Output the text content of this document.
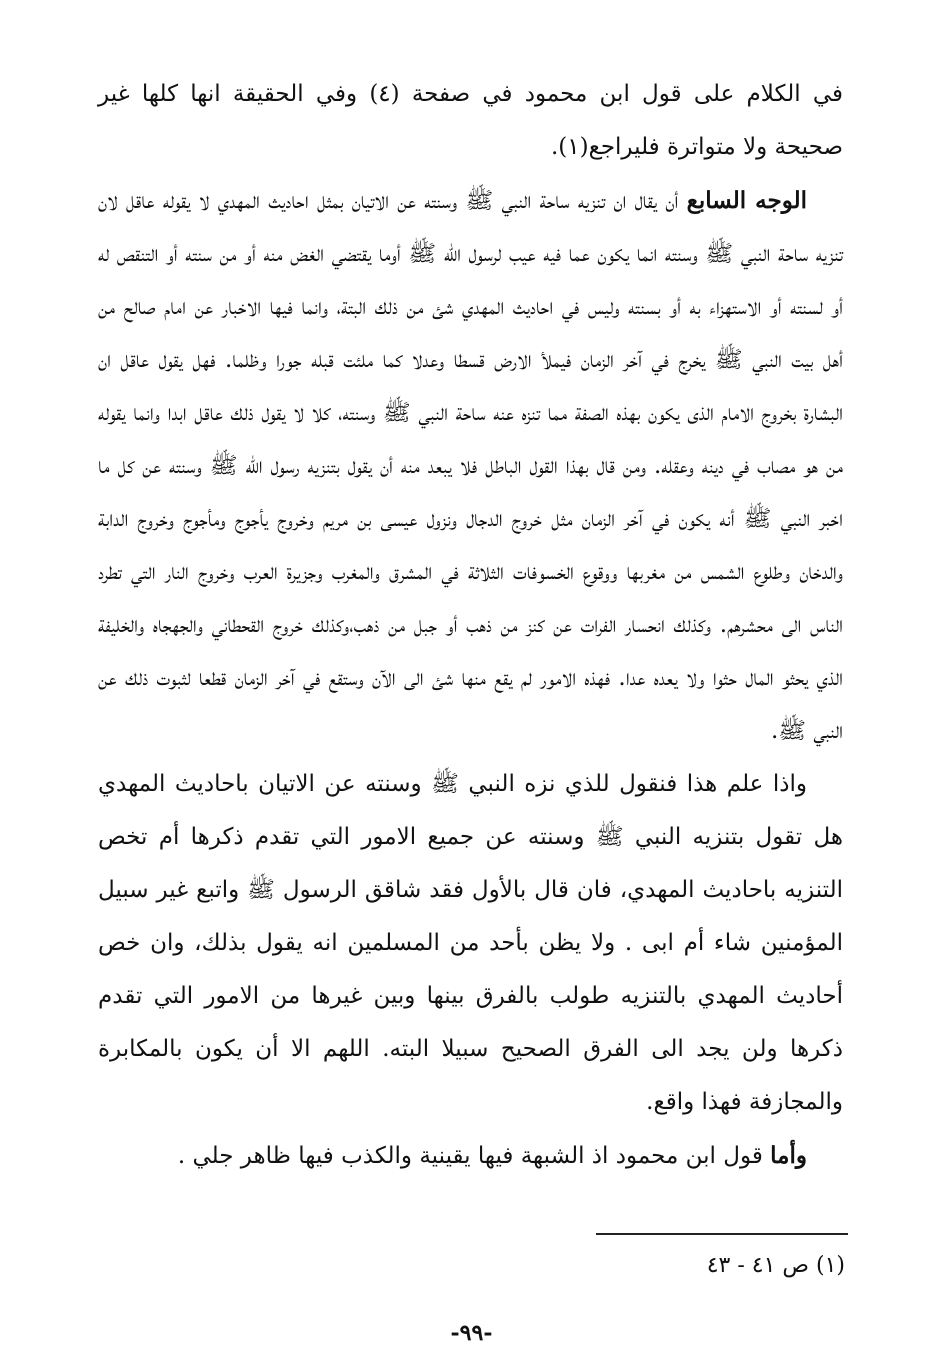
في الكلام على قول ابن محمود في صفحة (٤) وفي الحقيقة انها كلها غير صحيحة ولا متواترة فليراجع(١).

الوجه السابع أن يقال ان تنزيه ساحة النبي ﷺ وسنته عن الاتيان بمثل احاديث المهدي لا يقوله عاقل لان تنزيه ساحة النبي ﷺ وسنته انما يكون عما فيه عيب لرسول الله ﷺ أوما يقتضي الغض منه أو من سنته أو التنقص له أو لسنته أو الاستهزاء به أو بسنته وليس في احاديث المهدي شئ من ذلك البتة، وانما فيها الاخبار عن امام صالح من أهل بيت النبي ﷺ يخرج في آخر الزمان فيملأ الارض قسطا وعدلا كما ملئت قبله جورا وظلما. فهل يقول عاقل ان البشارة بخروج الامام الذى يكون بهذه الصفة مما تنزه عنه ساحة النبي ﷺ وسنته، كلا لا يقول ذلك عاقل ابدا وانما يقوله من هو مصاب في دينه وعقله. ومن قال بهذا القول الباطل فلا يبعد منه أن يقول بتنزيه رسول الله ﷺ وسنته عن كل ما اخبر النبي ﷺ أنه يكون في آخر الزمان مثل خروج الدجال ونزول عيسى بن مريم وخروج يأجوج ومأجوج وخروج الدابة والدخان وطلوع الشمس من مغربها ووقوع الخسوفات الثلاثة في المشرق والمغرب وجزيرة العرب وخروج النار التي تطرد الناس الى محشرهم. وكذلك انحسار الفرات عن كنز من ذهب أو جبل من ذهب،وكذلك خروج القحطاني والجهجاه والخليفة الذي يحثو المال حثوا ولا يعده عدا. فهذه الامور لم يقع منها شئ الى الآن وستقع في آخر الزمان قطعا لثبوت ذلك عن النبي ﷺ.

واذا علم هذا فنقول للذي نزه النبي ﷺ وسنته عن الاتيان باحاديث المهدي هل تقول بتنزيه النبي ﷺ وسنته عن جميع الامور التي تقدم ذكرها أم تخص التنزيه باحاديث المهدي، فان قال بالأول فقد شاقق الرسول ﷺ واتبع غير سبيل المؤمنين شاء أم ابى . ولا يظن بأحد من المسلمين انه يقول بذلك، وان خص أحاديث المهدي بالتنزيه طولب بالفرق بينها وبين غيرها من الامور التي تقدم ذكرها ولن يجد الى الفرق الصحيح سبيلا البته. اللهم الا أن يكون بالمكابرة والمجازفة فهذا واقع.

وأما قول ابن محمود اذ الشبهة فيها يقينية والكذب فيها ظاهر جلي .

(١) ص ٤١ - ٤٣
-٩٩-
